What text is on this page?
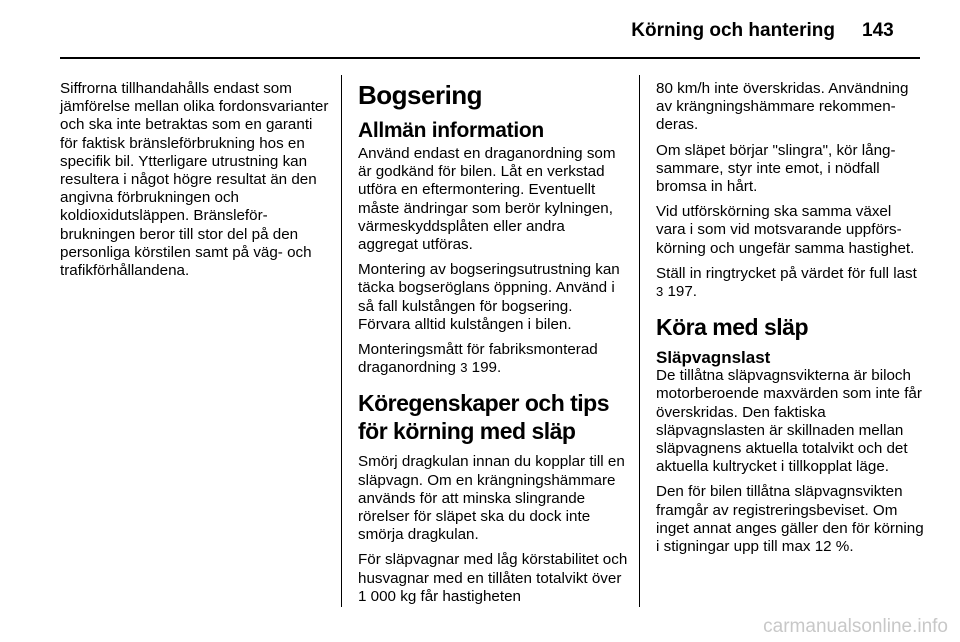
Körning och hantering 143

Siffrorna tillhandahålls endast som jämförelse mellan olika fordonsvarianter och ska inte betraktas som en garanti för faktisk bränsleförbrukning hos en specifik bil. Ytterligare utrustning kan resultera i något högre resultat än den angivna förbrukningen och koldioxidutsläppen. Bränsleförbrukningen beror till stor del på den personliga körstilen samt på väg- och trafikförhållandena.

Bogsering
Allmän information

Använd endast en draganordning som är godkänd för bilen. Låt en verkstad utföra en eftermontering. Eventuellt måste ändringar som berör kylningen, värmeskyddsplåten eller andra aggregat utföras.

Montering av bogseringsutrustning kan täcka bogseröglans öppning. Använd i så fall kulstången för bogsering. Förvara alltid kulstången i bilen.

Monteringsmått för fabriksmonterad draganordning 3 199.

Köregenskaper och tips för körning med släp

Smörj dragkulan innan du kopplar till en släpvagn. Om en krängningshämmare används för att minska slingrande rörelser för släpet ska du dock inte smörja dragkulan.

För släpvagnar med låg körstabilitet och husvagnar med en tillåten totalvikt över 1 000 kg får hastigheten

80 km/h inte överskridas. Användning av krängningshämmare rekommenderas.

Om släpet börjar "slingra", kör långsammare, styr inte emot, i nödfall bromsa in hårt.

Vid utförskörning ska samma växel vara i som vid motsvarande uppförskörning och ungefär samma hastighet.

Ställ in ringtrycket på värdet för full last 3 197.

Köra med släp
Släpvagnslast

De tillåtna släpvagnsvikterna är biloch motorberoende maxvärden som inte får överskridas. Den faktiska släpvagnslasten är skillnaden mellan släpvagnens aktuella totalvikt och det aktuella kultrycket i tillkopplat läge.

Den för bilen tillåtna släpvagnsvikten framgår av registreringsbeviset. Om inget annat anges gäller den för körning i stigningar upp till max 12 %.

carmanualsonline.info
